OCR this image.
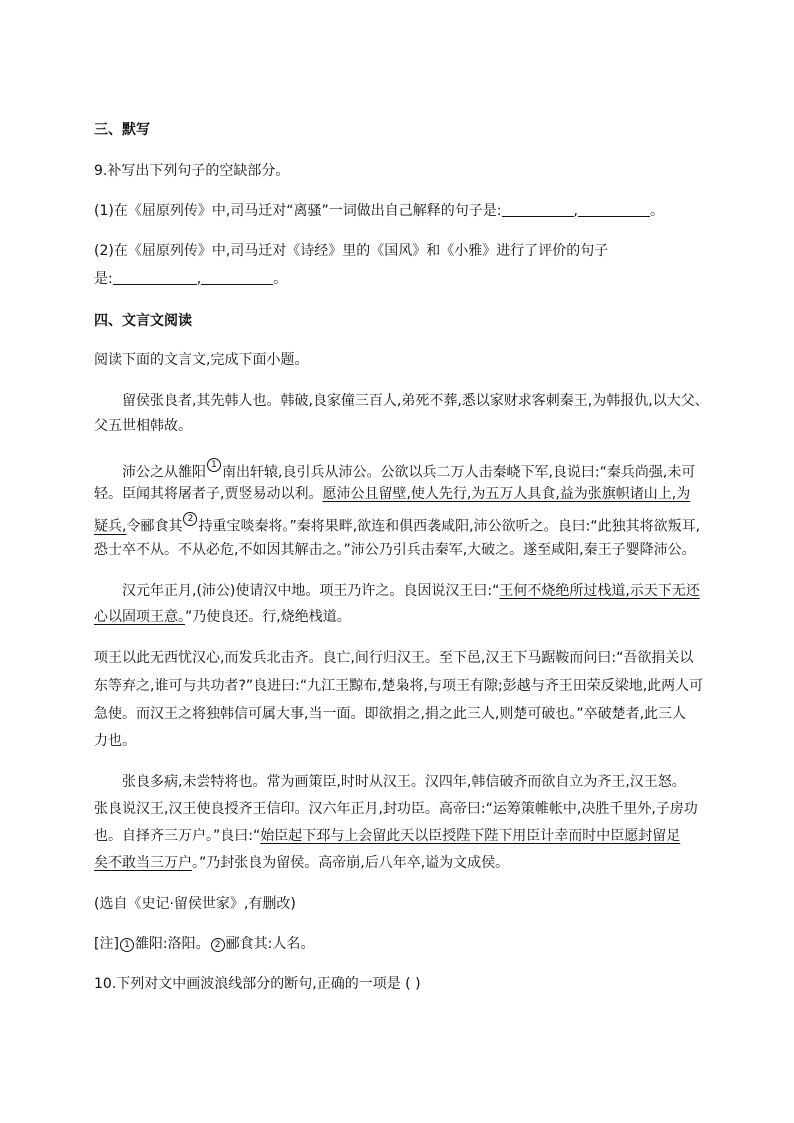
三、默写
9.补写出下列句子的空缺部分。
(1)在《屈原列传》中,司马迁对“离骚”一词做出自己解释的句子是:	,	。
(2)在《屈原列传》中,司马迁对《诗经》里的《国风》和《小雅》进行了评价的句子
是:	,	。
四、文言文阅读
阅读下面的文言文,完成下面小题。
留侯张良者,其先韩人也。韩破,良家僮三百人,弟死不葬,悉以家财求客刺秦王,为韩报仇,以大父、
父五世相韩故。
沛公之从雒阳 $^1$ 南出轩辕,良引兵从沛公。公欲以兵二万人击秦峣下军,良说曰:“秦兵尚强,未可
轻。臣闻其将屠者子,贾竖易动以利。愿沛公且留壁,使人先行,为五万人具食,益为张旗帜诸山上,为
疑兵,令郦食其 $^2$ 持重宝啖秦将。”秦将果畔,欲连和俱西袭咸阳,沛公欲听之。良曰:“此独其将欲叛耳,
恐士卒不从。不从必危,不如因其解击之。”沛公乃引兵击秦军,大破之。遂至咸阳,秦王子婴降沛公。
汉元年正月,(沛公)使请汉中地。项王乃许之。良因说汉王曰:“王何不烧绝所过栈道,示天下无还
心以固项王意。”乃使良还。行,烧绝栈道。
项王以此无西忧汉心,而发兵北击齐。良亡,间行归汉王。至下邑,汉王下马踞鞍而问曰:“吾欲捐关以
东等弃之,谁可与共功者?”良进曰:“九江王黥布,楚枭将,与项王有隙;彭越与齐王田荣反梁地,此两人可
急使。而汉王之将独韩信可属大事,当一面。即欲捐之,捐之此三人,则楚可破也。”卒破楚者,此三人
力也。
张良多病,未尝特将也。常为画策臣,时时从汉王。汉四年,韩信破齐而欲自立为齐王,汉王怒。
张良说汉王,汉王使良授齐王信印。汉六年正月,封功臣。高帝曰:“运筹策帷帐中,决胜千里外,子房功
也。自择齐三万户。”良曰:“始臣起下邳与上会留此天以臣授陛下陛下用臣计幸而时中臣愿封留足
矣不敢当三万户。”乃封张良为留侯。高帝崩,后八年卒,谥为文成侯。
(选自《史记·留侯世家》,有删改)
[注] 1 雒阳:洛阳。 2 郦食其:人名。
10.下列对文中画波浪线部分的断句,正确的一项是 ( )
